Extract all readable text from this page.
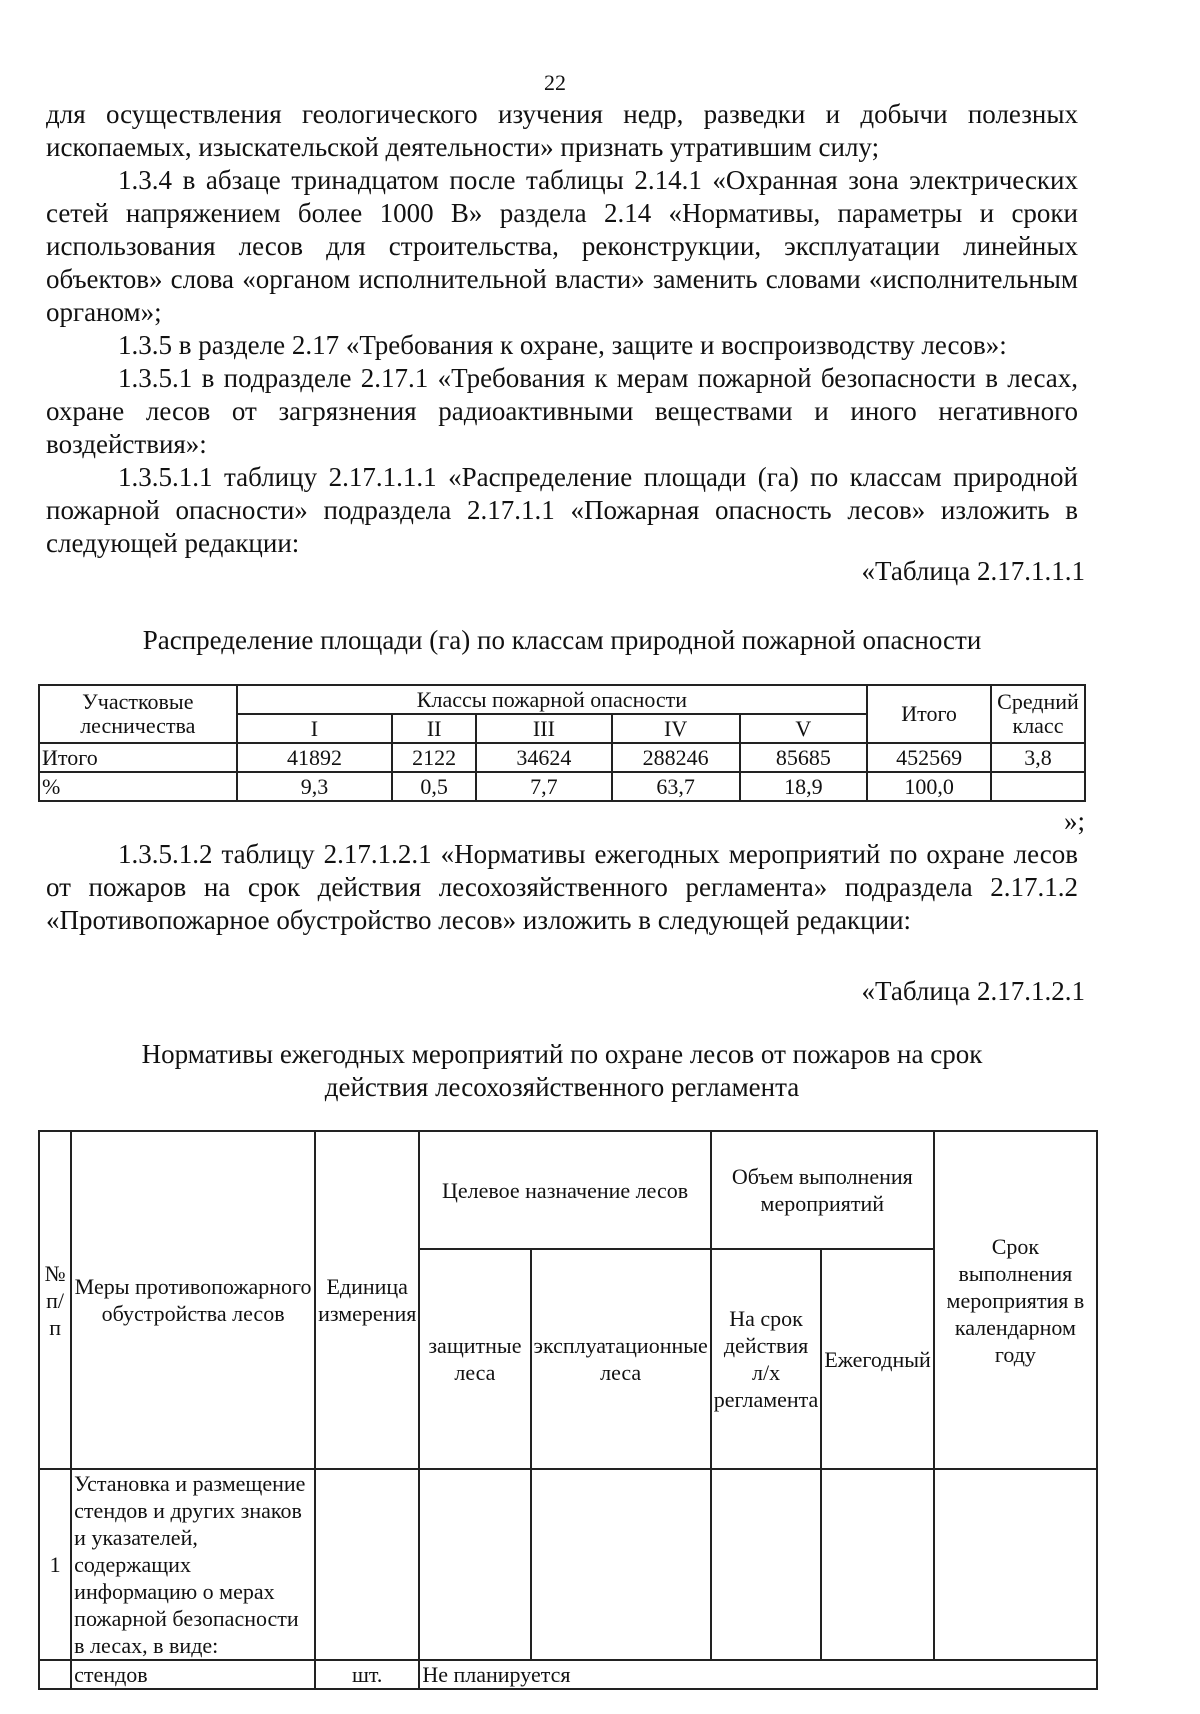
22

для осуществления геологического изучения недр, разведки и добычи полезных ископаемых, изыскательской деятельности» признать утратившим силу;

1.3.4 в абзаце тринадцатом после таблицы 2.14.1 «Охранная зона электрических сетей напряжением более 1000 В» раздела 2.14 «Нормативы, параметры и сроки использования лесов для строительства, реконструкции, эксплуатации линейных объектов» слова «органом исполнительной власти» заменить словами «исполнительным органом»;

1.3.5 в разделе 2.17 «Требования к охране, защите и воспроизводству лесов»:

1.3.5.1 в подразделе 2.17.1 «Требования к мерам пожарной безопасности в лесах, охране лесов от загрязнения радиоактивными веществами и иного негативного воздействия»:

1.3.5.1.1 таблицу 2.17.1.1.1 «Распределение площади (га) по классам природной пожарной опасности» подраздела 2.17.1.1 «Пожарная опасность лесов» изложить в следующей редакции:

«Таблица 2.17.1.1.1
Распределение площади (га) по классам природной пожарной опасности
Участковые лесничества	Классы пожарной опасности					Итого	Средний класс
	I	II	III	IV	V		
Итого	41892	2122	34624	288246	85685	452569	3,8
%	9,3	0,5	7,7	63,7	18,9	100,0	
»;

1.3.5.1.2 таблицу 2.17.1.2.1 «Нормативы ежегодных мероприятий по охране лесов от пожаров на срок действия лесохозяйственного регламента» подраздела 2.17.1.2 «Противопожарное обустройство лесов» изложить в следующей редакции:

«Таблица 2.17.1.2.1
Нормативы ежегодных мероприятий по охране лесов от пожаров на срок
действия лесохозяйственного регламента
№ п/п	Меры противопожарного обустройства лесов	Единица измерения	Целевое назначение лесов		Объем выполнения мероприятий		Срок выполнения мероприятия в календарном году
			защитные леса	эксплуатационные леса	На срок действия л/х регламента	Ежегодный	
1	Установка и размещение стендов и других знаков и указателей, содержащих информацию о мерах пожарной безопасности в лесах, в виде:						
	стендов	шт.	Не планируется				
